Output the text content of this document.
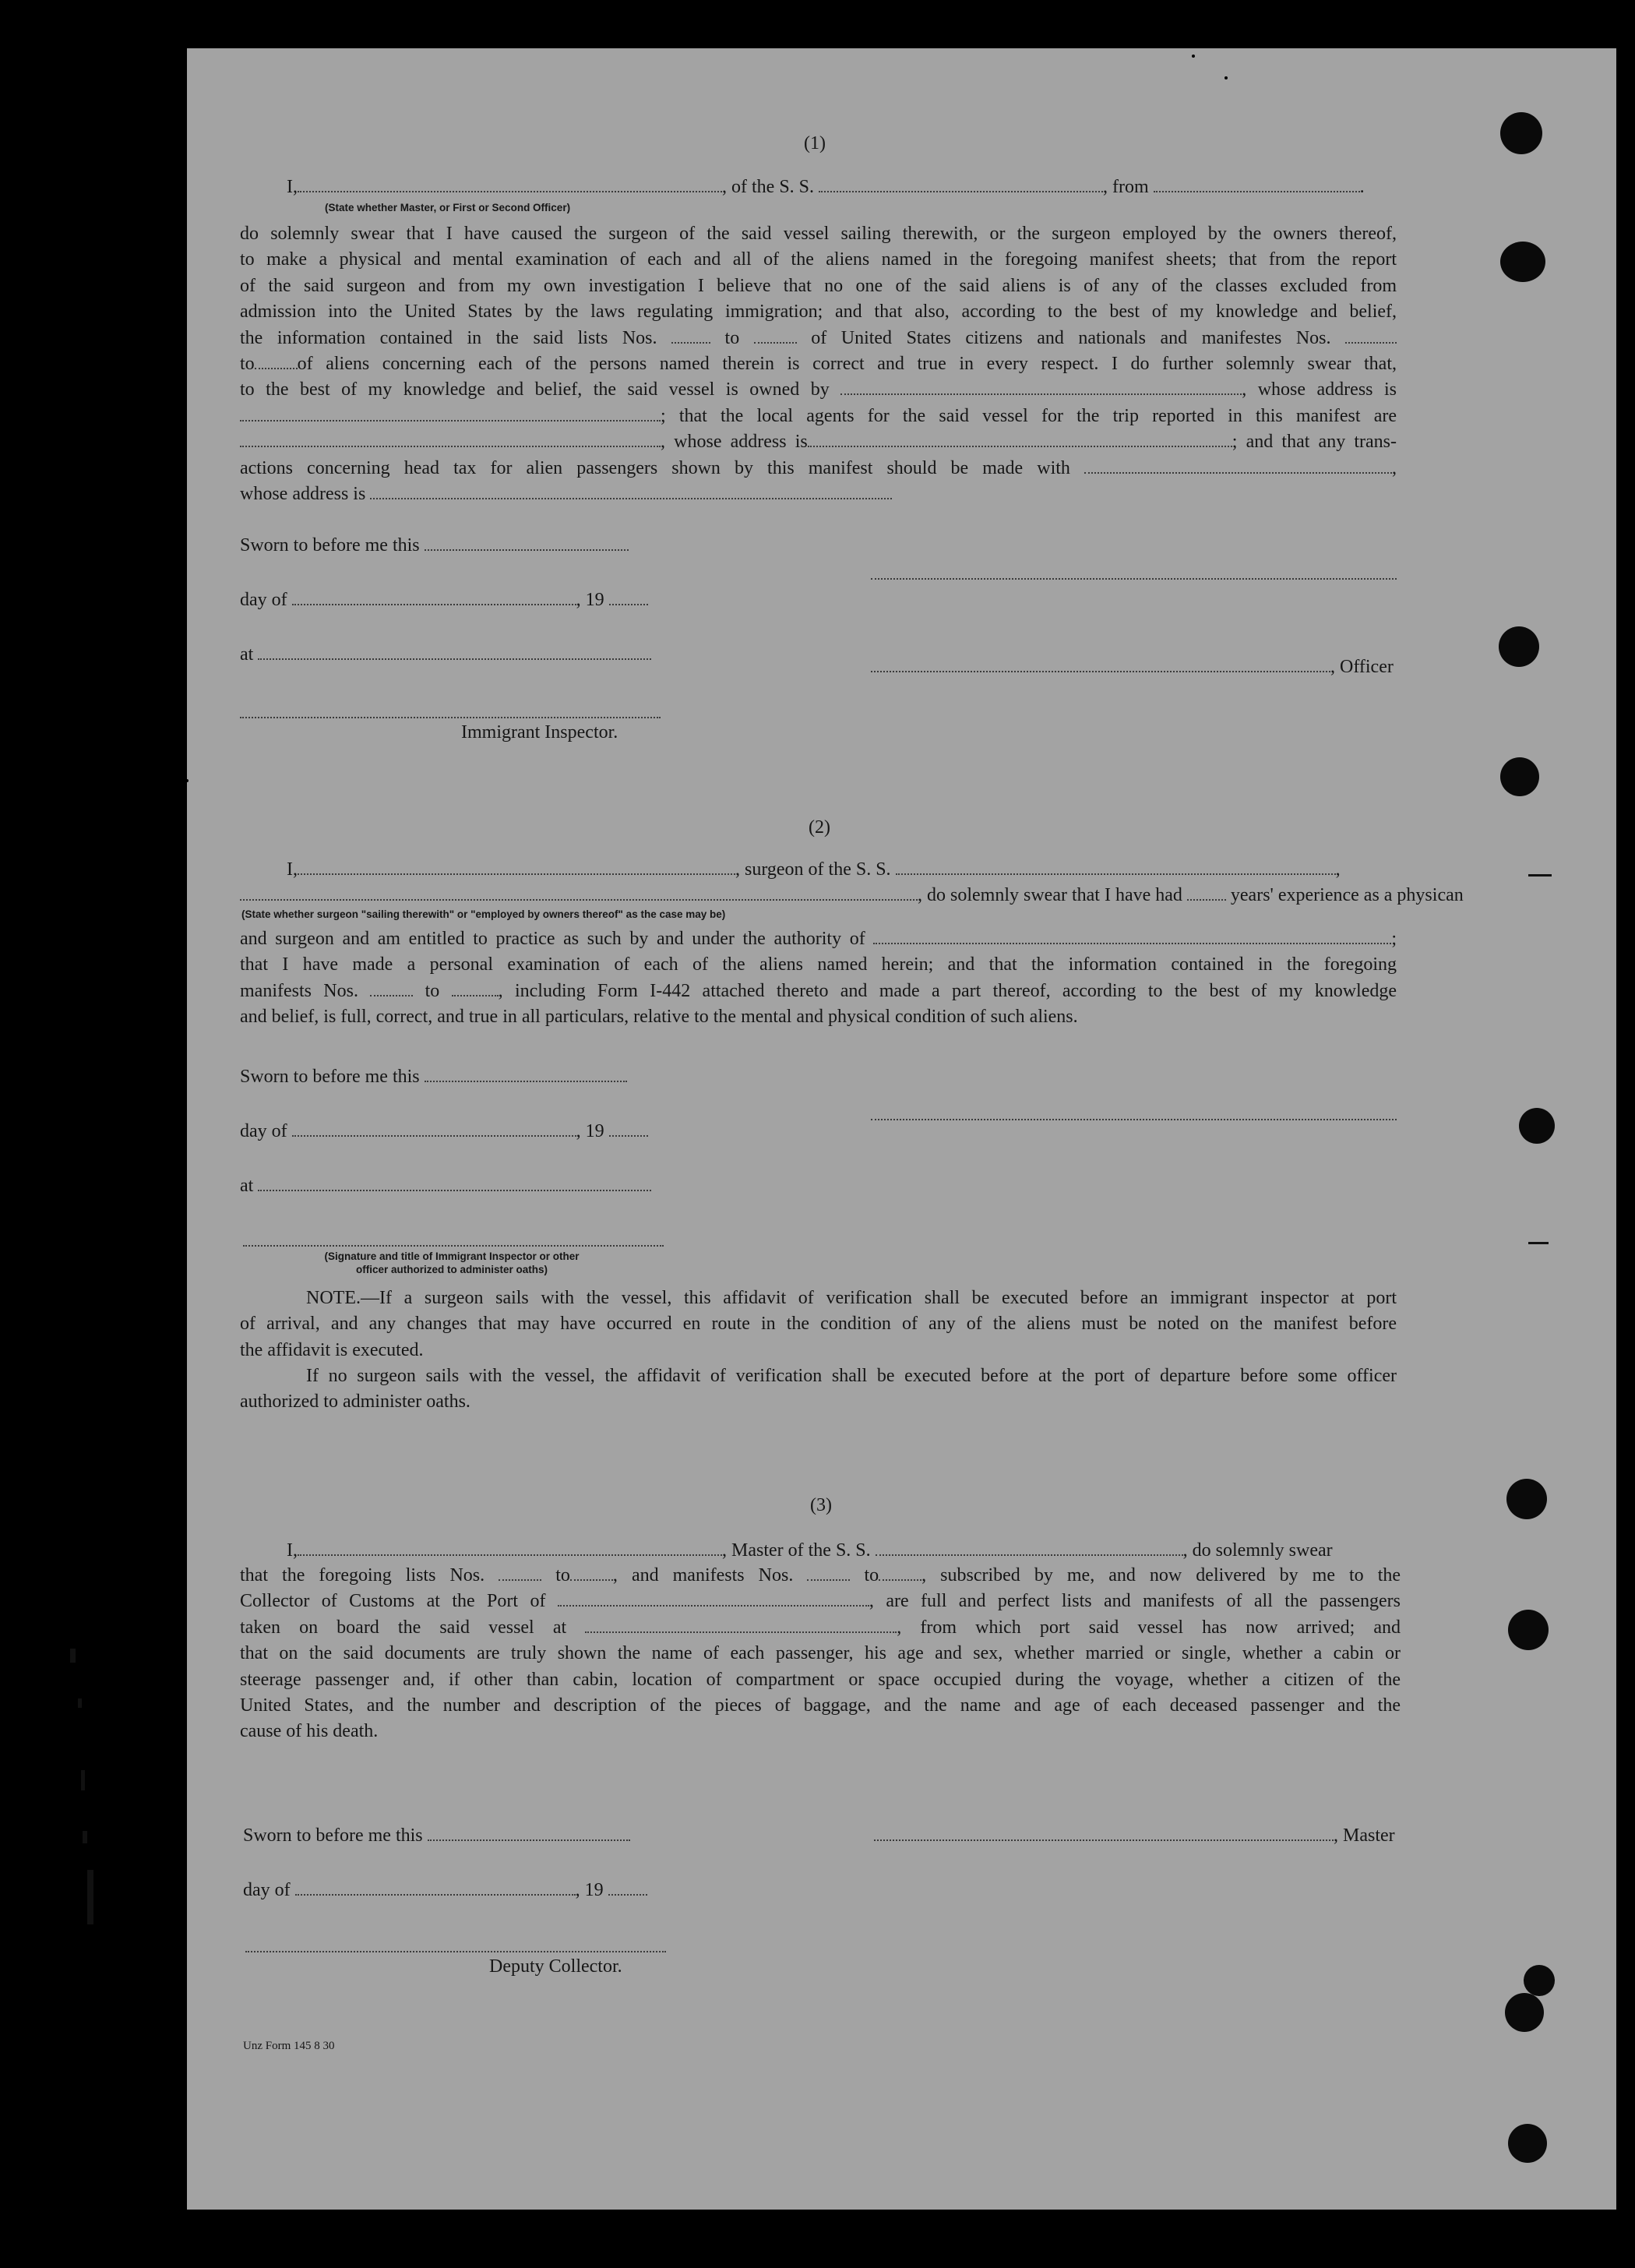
(1)
I,	, of the S. S.	, from	.
(State whether Master, or First or Second Officer)
do solemnly swear that I have caused the surgeon of the said vessel sailing therewith, or the surgeon employed by the owners thereof,
to make a physical and mental examination of each and all of the aliens named in the foregoing manifest sheets; that from the report
of the said surgeon and from my own investigation I believe that no one of the said aliens is of any of the classes excluded from
admission into the United States by the laws regulating immigration; and that also, according to the best of my knowledge and belief,
the information contained in the said lists Nos.	to	of United States citizens and nationals and manifestes Nos.
to of aliens concerning each of the persons named therein is correct and true in every respect. I do further solemnly swear that,
to the best of my knowledge and belief, the said vessel is owned by	, whose address is
; that the local agents for the said vessel for the trip reported in this manifest are
, whose address is	; and that any trans-
actions concerning head tax for alien passengers shown by this manifest should be made with	,
whose address is
Sworn to before me this
day of	, 19
at
Immigrant Inspector.
, Officer
(2)
I,	, surgeon of the S. S.	,
, do solemnly swear that I have had	years' experience as a physican
(State whether surgeon "sailing therewith" or "employed by owners thereof" as the case may be)
and surgeon and am entitled to practice as such by and under the authority of	;
that I have made a personal examination of each of the aliens named herein; and that the information contained in the foregoing
manifests Nos.	to	, including Form I-442 attached thereto and made a part thereof, according to the best of my knowledge
and belief, is full, correct, and true in all particulars, relative to the mental and physical condition of such aliens.
Sworn to before me this
day of	, 19
at
(Signature and title of Immigrant Inspector or other
officer authorized to administer oaths)
NOTE.—If a surgeon sails with the vessel, this affidavit of verification shall be executed before an immigrant inspector at port
of arrival, and any changes that may have occurred en route in the condition of any of the aliens must be noted on the manifest before
the affidavit is executed.
If no surgeon sails with the vessel, the affidavit of verification shall be executed before at the port of departure before some officer
authorized to administer oaths.
(3)
I,	, Master of the S. S.	, do solemnly swear
that the foregoing lists Nos.	to , and manifests Nos.	to , subscribed by me, and now delivered by me to the
Collector of Customs at the Port of	, are full and perfect lists and manifests of all the passengers
taken on board the said vessel at	, from which port said vessel has now arrived; and
that on the said documents are truly shown the name of each passenger, his age and sex, whether married or single, whether a cabin or
steerage passenger and, if other than cabin, location of compartment or space occupied during the voyage, whether a citizen of the
United States, and the number and description of the pieces of baggage, and the name and age of each deceased passenger and the
cause of his death.
Sworn to before me this	, Master
day of	, 19
Deputy Collector.
Unz Form 145 8 30
